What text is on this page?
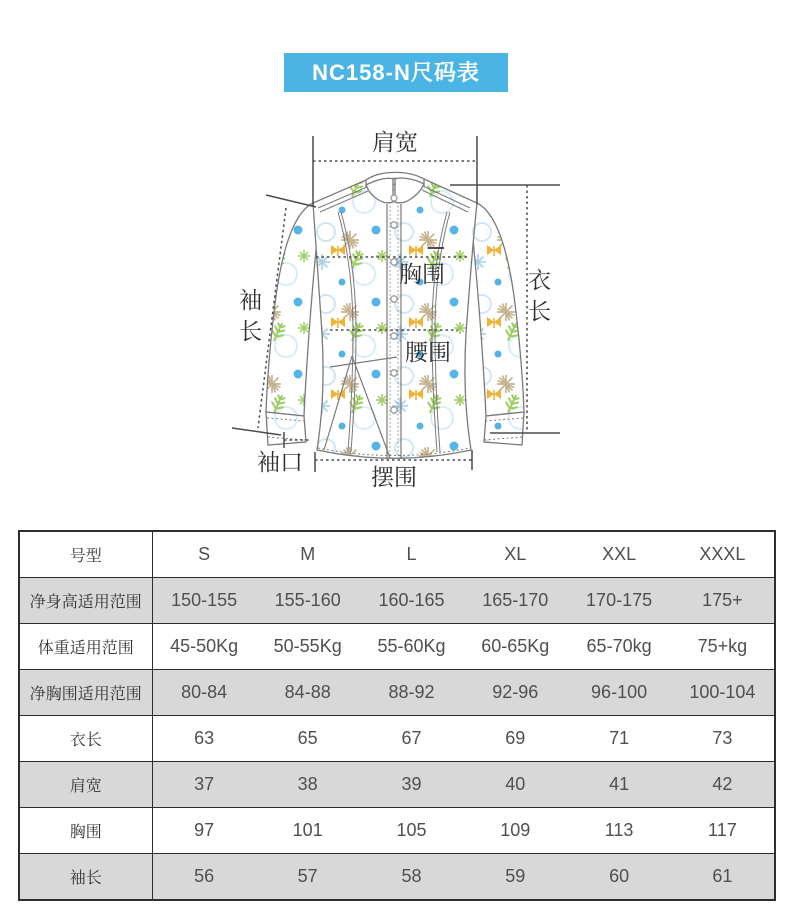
NC158-N尺码表
肩宽
袖长	衣长
胸围
腰围
袖口
摆围
号型	S	M	L	XL	XXL	XXXL
净身高适用范围	150-155	155-160	160-165	165-170	170-175	175+
体重适用范围	45-50Kg	50-55Kg	55-60Kg	60-65Kg	65-70kg	75+kg
净胸围适用范围	80-84	84-88	88-92	92-96	96-100	100-104
衣长	63	65	67	69	71	73
肩宽	37	38	39	40	41	42
胸围	97	101	105	109	113	117
袖长	56	57	58	59	60	61
